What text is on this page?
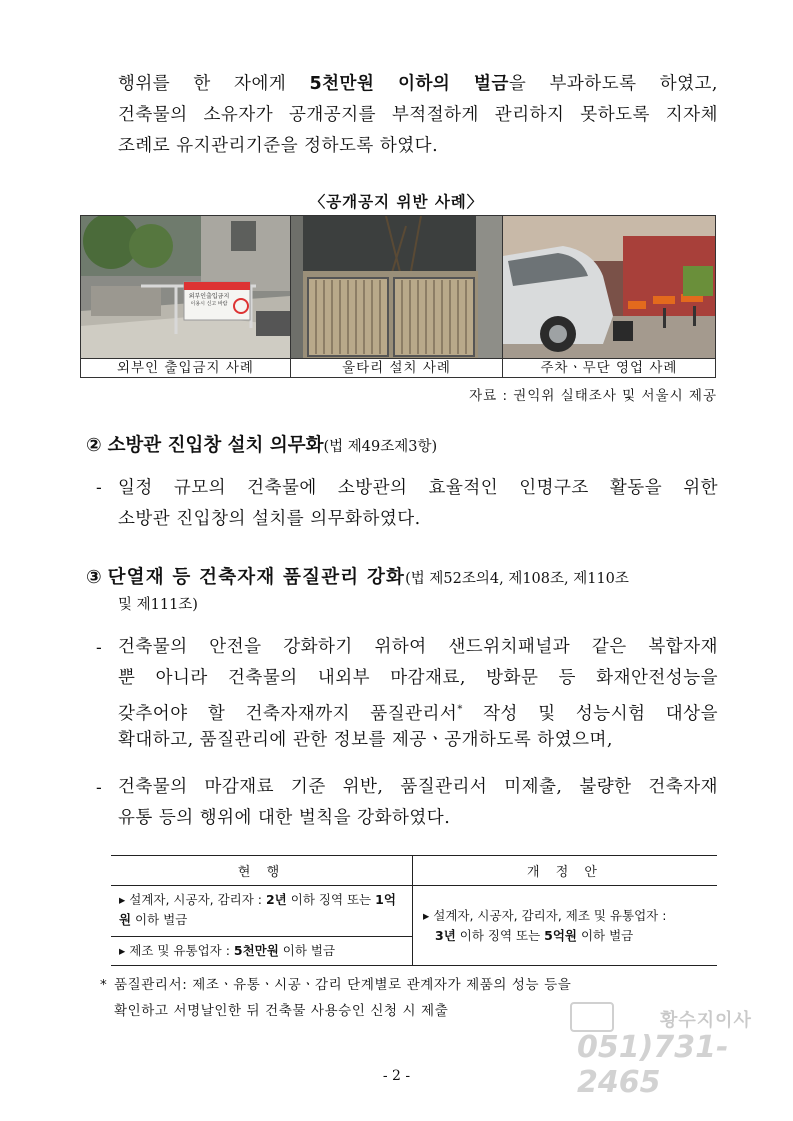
행위를 한 자에게 5천만원 이하의 벌금을 부과하도록 하였고,
건축물의 소유자가 공개공지를 부적절하게 관리하지 못하도록 지자체
조례로 유지관리기준을 정하도록 하였다.
〈공개공지 위반 사례〉
외부인출입금지
이용시 신고 바람
외부인 출입금지 사례	울타리 설치 사례	주차ㆍ무단 영업 사례
자료 : 권익위 실태조사 및 서울시 제공
② 소방관 진입창 설치 의무화(법 제49조제3항)
- 일정 규모의 건축물에 소방관의 효율적인 인명구조 활동을 위한
소방관 진입창의 설치를 의무화하였다.
③ 단열재 등 건축자재 품질관리 강화(법 제52조의4, 제108조, 제110조
및 제111조)
- 건축물의 안전을 강화하기 위하여 샌드위치패널과 같은 복합자재
뿐 아니라 건축물의 내외부 마감재료, 방화문 등 화재안전성능을
갖추어야 할 건축자재까지 품질관리서* 작성 및 성능시험 대상을
확대하고, 품질관리에 관한 정보를 제공ㆍ공개하도록 하였으며,
- 건축물의 마감재료 기준 위반, 품질관리서 미제출, 불량한 건축자재
유통 등의 행위에 대한 벌칙을 강화하였다.
현 행	개 정 안

▸ 설계자, 시공자, 감리자 : 2년 이하 징역 또는 1억원 이하 벌금	▸ 설계자, 시공자, 감리자, 제조 및 유통업자 :
3년 이하 징역 또는 5억원 이하 벌금

▸ 제조 및 유통업자 : 5천만원 이하 벌금	
* 품질관리서: 제조ㆍ유통ㆍ시공ㆍ감리 단계별로 관계자가 제품의 성능 등을
확인하고 서명날인한 뒤 건축물 사용승인 신청 시 제출	황수지이사
051)731-2465
- 2 -
